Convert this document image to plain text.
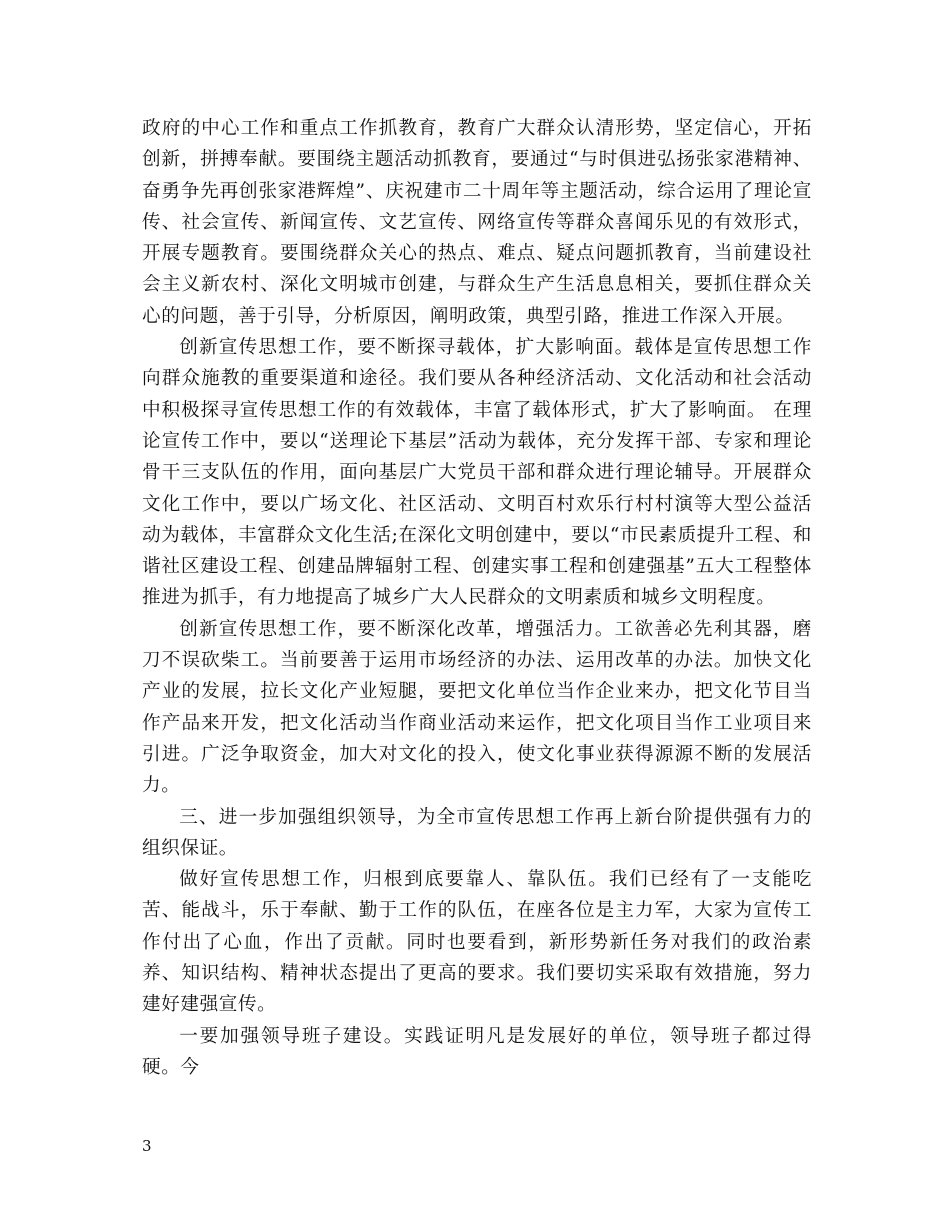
政府的中心工作和重点工作抓教育，教育广大群众认清形势，坚定信心，开拓创新，拼搏奉献。要围绕主题活动抓教育，要通过“与时俱进弘扬张家港精神、奋勇争先再创张家港辉煌”、庆祝建市二十周年等主题活动，综合运用了理论宣传、社会宣传、新闻宣传、文艺宣传、网络宣传等群众喜闻乐见的有效形式，开展专题教育。要围绕群众关心的热点、难点、疑点问题抓教育，当前建设社会主义新农村、深化文明城市创建，与群众生产生活息息相关，要抓住群众关心的问题，善于引导，分析原因，阐明政策，典型引路，推进工作深入开展。

创新宣传思想工作，要不断探寻载体，扩大影响面。载体是宣传思想工作向群众施教的重要渠道和途径。我们要从各种经济活动、文化活动和社会活动中积极探寻宣传思想工作的有效载体，丰富了载体形式，扩大了影响面。 在理论宣传工作中，要以“送理论下基层”活动为载体，充分发挥干部、专家和理论骨干三支队伍的作用，面向基层广大党员干部和群众进行理论辅导。开展群众文化工作中，要以广场文化、社区活动、文明百村欢乐行村村演等大型公益活动为载体，丰富群众文化生活;在深化文明创建中，要以“市民素质提升工程、和谐社区建设工程、创建品牌辐射工程、创建实事工程和创建强基”五大工程整体推进为抓手，有力地提高了城乡广大人民群众的文明素质和城乡文明程度。

创新宣传思想工作，要不断深化改革，增强活力。工欲善必先利其器，磨刀不误砍柴工。当前要善于运用市场经济的办法、运用改革的办法。加快文化产业的发展，拉长文化产业短腿，要把文化单位当作企业来办，把文化节目当作产品来开发，把文化活动当作商业活动来运作，把文化项目当作工业项目来引进。广泛争取资金，加大对文化的投入，使文化事业获得源源不断的发展活力。

三、进一步加强组织领导，为全市宣传思想工作再上新台阶提供强有力的组织保证。

做好宣传思想工作，归根到底要靠人、靠队伍。我们已经有了一支能吃苦、能战斗，乐于奉献、勤于工作的队伍，在座各位是主力军，大家为宣传工作付出了心血，作出了贡献。同时也要看到，新形势新任务对我们的政治素养、知识结构、精神状态提出了更高的要求。我们要切实采取有效措施，努力建好建强宣传。

一要加强领导班子建设。实践证明凡是发展好的单位，领导班子都过得硬。今

3
